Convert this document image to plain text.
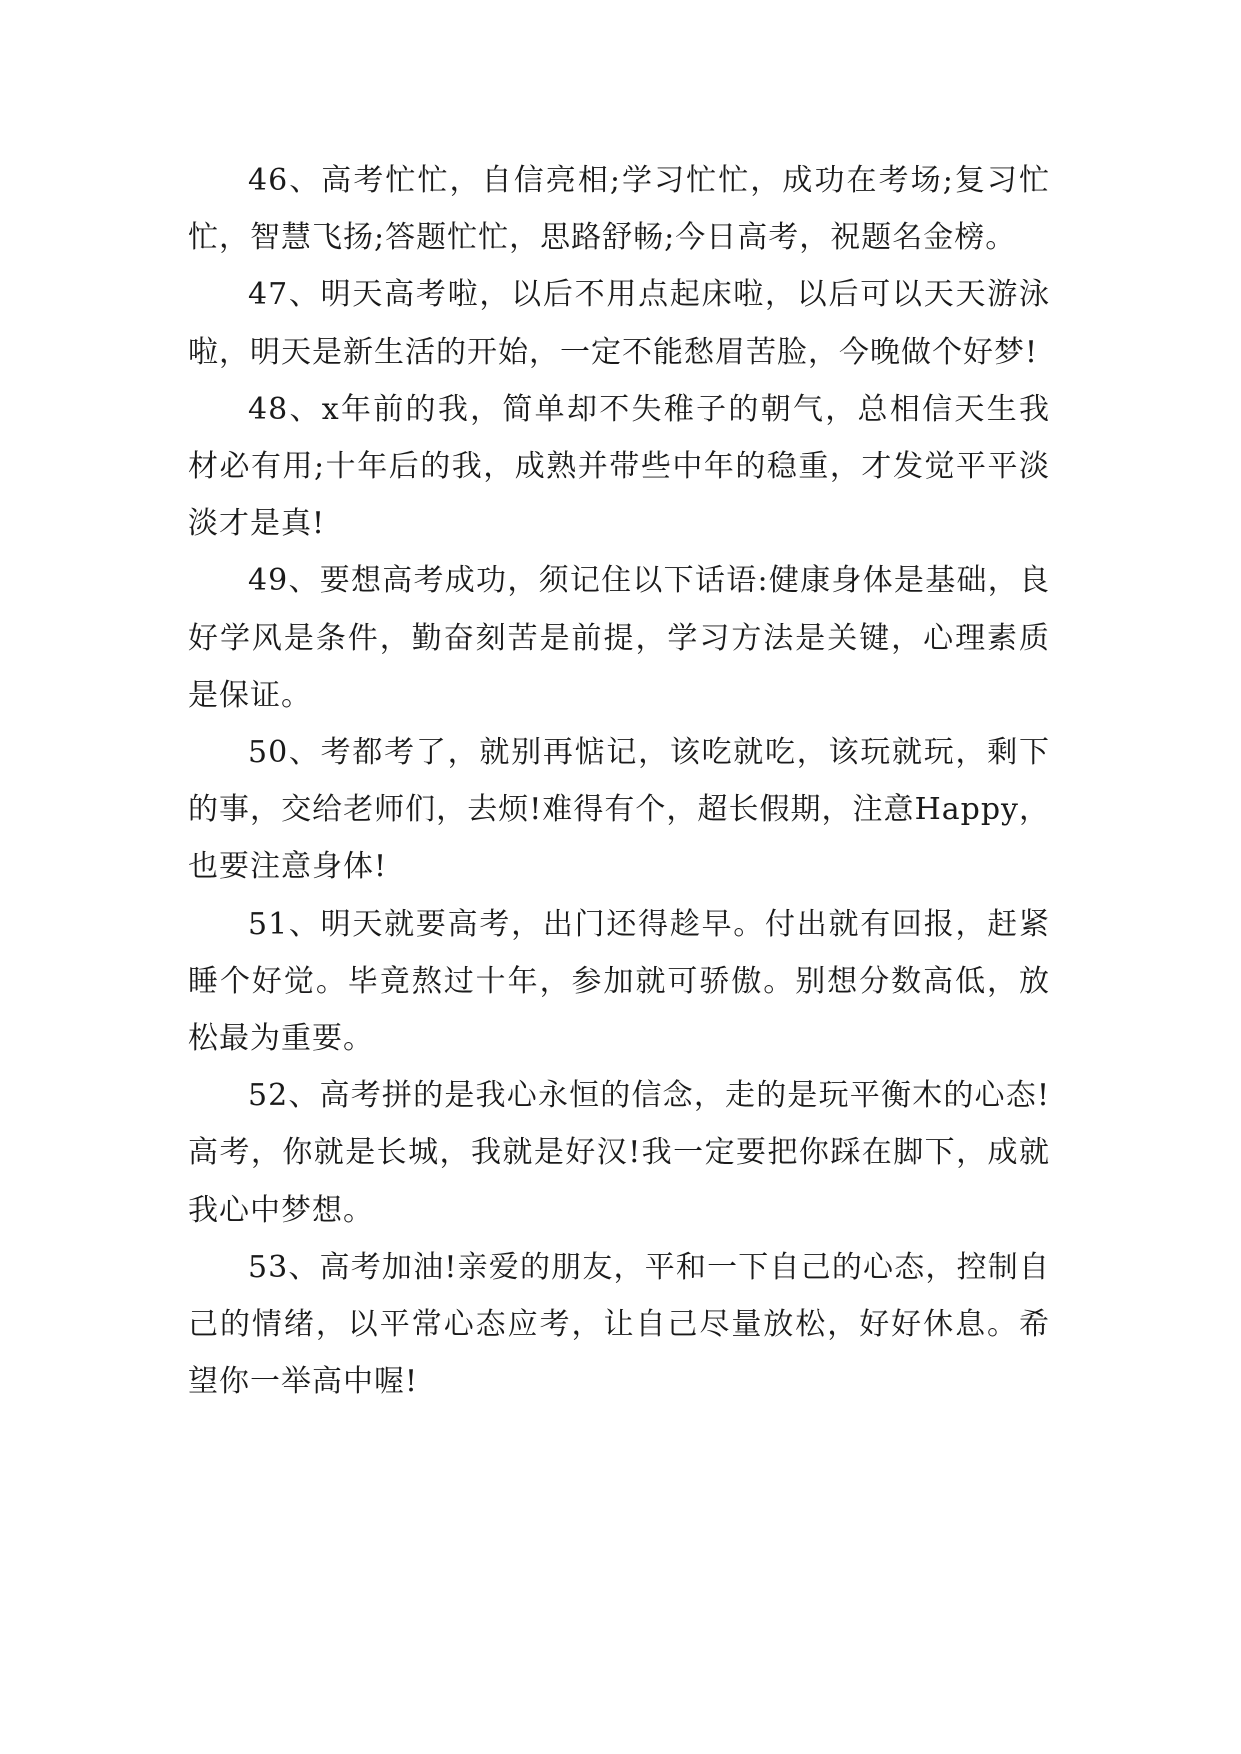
46、高考忙忙，自信亮相;学习忙忙，成功在考场;复习忙忙，智慧飞扬;答题忙忙，思路舒畅;今日高考，祝题名金榜。

47、明天高考啦，以后不用点起床啦，以后可以天天游泳啦，明天是新生活的开始，一定不能愁眉苦脸，今晚做个好梦!

48、x年前的我，简单却不失稚子的朝气，总相信天生我材必有用;十年后的我，成熟并带些中年的稳重，才发觉平平淡淡才是真!

49、要想高考成功，须记住以下话语:健康身体是基础，良好学风是条件，勤奋刻苦是前提，学习方法是关键，心理素质是保证。

50、考都考了，就别再惦记，该吃就吃，该玩就玩，剩下的事，交给老师们，去烦!难得有个，超长假期，注意Happy，也要注意身体!

51、明天就要高考，出门还得趁早。付出就有回报，赶紧睡个好觉。毕竟熬过十年，参加就可骄傲。别想分数高低，放松最为重要。

52、高考拼的是我心永恒的信念，走的是玩平衡木的心态!高考，你就是长城，我就是好汉!我一定要把你踩在脚下，成就我心中梦想。

53、高考加油!亲爱的朋友，平和一下自己的心态，控制自己的情绪，以平常心态应考，让自己尽量放松，好好休息。希望你一举高中喔!
